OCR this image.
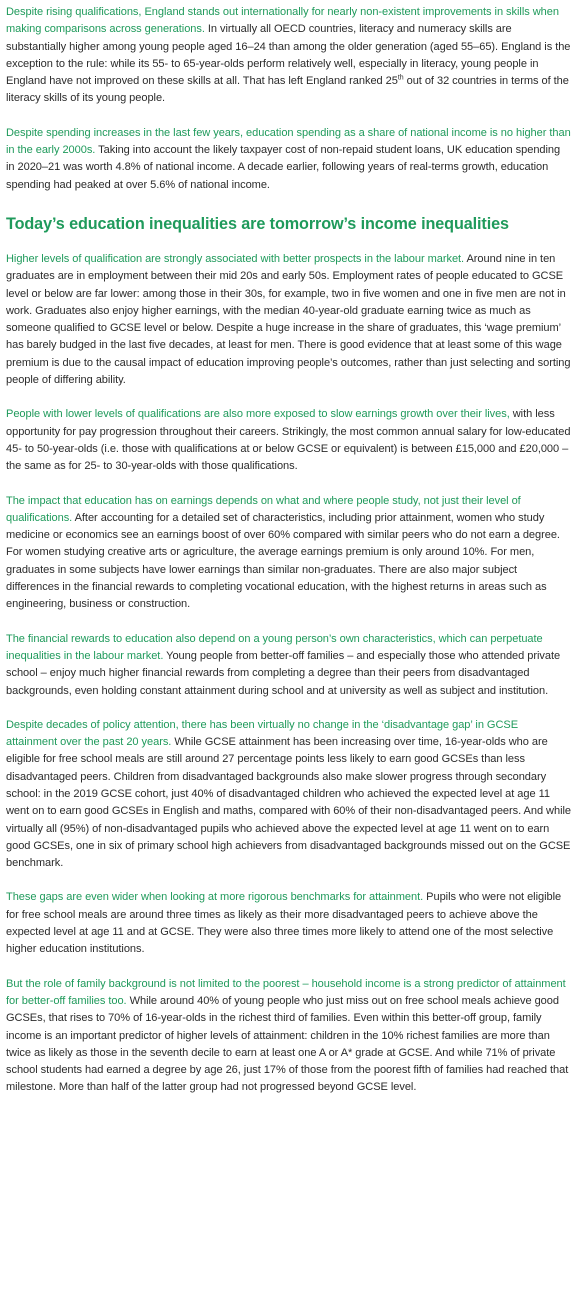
Despite rising qualifications, England stands out internationally for nearly non-existent improvements in skills when making comparisons across generations. In virtually all OECD countries, literacy and numeracy skills are substantially higher among young people aged 16–24 than among the older generation (aged 55–65). England is the exception to the rule: while its 55- to 65-year-olds perform relatively well, especially in literacy, young people in England have not improved on these skills at all. That has left England ranked 25th out of 32 countries in terms of the literacy skills of its young people.

Despite spending increases in the last few years, education spending as a share of national income is no higher than in the early 2000s. Taking into account the likely taxpayer cost of non-repaid student loans, UK education spending in 2020–21 was worth 4.8% of national income. A decade earlier, following years of real-terms growth, education spending had peaked at over 5.6% of national income.

Today’s education inequalities are tomorrow’s income inequalities

Higher levels of qualification are strongly associated with better prospects in the labour market. Around nine in ten graduates are in employment between their mid 20s and early 50s. Employment rates of people educated to GCSE level or below are far lower: among those in their 30s, for example, two in five women and one in five men are not in work. Graduates also enjoy higher earnings, with the median 40-year-old graduate earning twice as much as someone qualified to GCSE level or below. Despite a huge increase in the share of graduates, this ‘wage premium’ has barely budged in the last five decades, at least for men. There is good evidence that at least some of this wage premium is due to the causal impact of education improving people’s outcomes, rather than just selecting and sorting people of differing ability.

People with lower levels of qualifications are also more exposed to slow earnings growth over their lives, with less opportunity for pay progression throughout their careers. Strikingly, the most common annual salary for low-educated 45- to 50-year-olds (i.e. those with qualifications at or below GCSE or equivalent) is between £15,000 and £20,000 – the same as for 25- to 30-year-olds with those qualifications.

The impact that education has on earnings depends on what and where people study, not just their level of qualifications. After accounting for a detailed set of characteristics, including prior attainment, women who study medicine or economics see an earnings boost of over 60% compared with similar peers who do not earn a degree. For women studying creative arts or agriculture, the average earnings premium is only around 10%. For men, graduates in some subjects have lower earnings than similar non-graduates. There are also major subject differences in the financial rewards to completing vocational education, with the highest returns in areas such as engineering, business or construction.

The financial rewards to education also depend on a young person’s own characteristics, which can perpetuate inequalities in the labour market. Young people from better-off families – and especially those who attended private school – enjoy much higher financial rewards from completing a degree than their peers from disadvantaged backgrounds, even holding constant attainment during school and at university as well as subject and institution.

Despite decades of policy attention, there has been virtually no change in the ‘disadvantage gap’ in GCSE attainment over the past 20 years. While GCSE attainment has been increasing over time, 16-year-olds who are eligible for free school meals are still around 27 percentage points less likely to earn good GCSEs than less disadvantaged peers. Children from disadvantaged backgrounds also make slower progress through secondary school: in the 2019 GCSE cohort, just 40% of disadvantaged children who achieved the expected level at age 11 went on to earn good GCSEs in English and maths, compared with 60% of their non-disadvantaged peers. And while virtually all (95%) of non-disadvantaged pupils who achieved above the expected level at age 11 went on to earn good GCSEs, one in six of primary school high achievers from disadvantaged backgrounds missed out on the GCSE benchmark.

These gaps are even wider when looking at more rigorous benchmarks for attainment. Pupils who were not eligible for free school meals are around three times as likely as their more disadvantaged peers to achieve above the expected level at age 11 and at GCSE. They were also three times more likely to attend one of the most selective higher education institutions.

But the role of family background is not limited to the poorest – household income is a strong predictor of attainment for better-off families too. While around 40% of young people who just miss out on free school meals achieve good GCSEs, that rises to 70% of 16-year-olds in the richest third of families. Even within this better-off group, family income is an important predictor of higher levels of attainment: children in the 10% richest families are more than twice as likely as those in the seventh decile to earn at least one A or A* grade at GCSE. And while 71% of private school students had earned a degree by age 26, just 17% of those from the poorest fifth of families had reached that milestone. More than half of the latter group had not progressed beyond GCSE level.
